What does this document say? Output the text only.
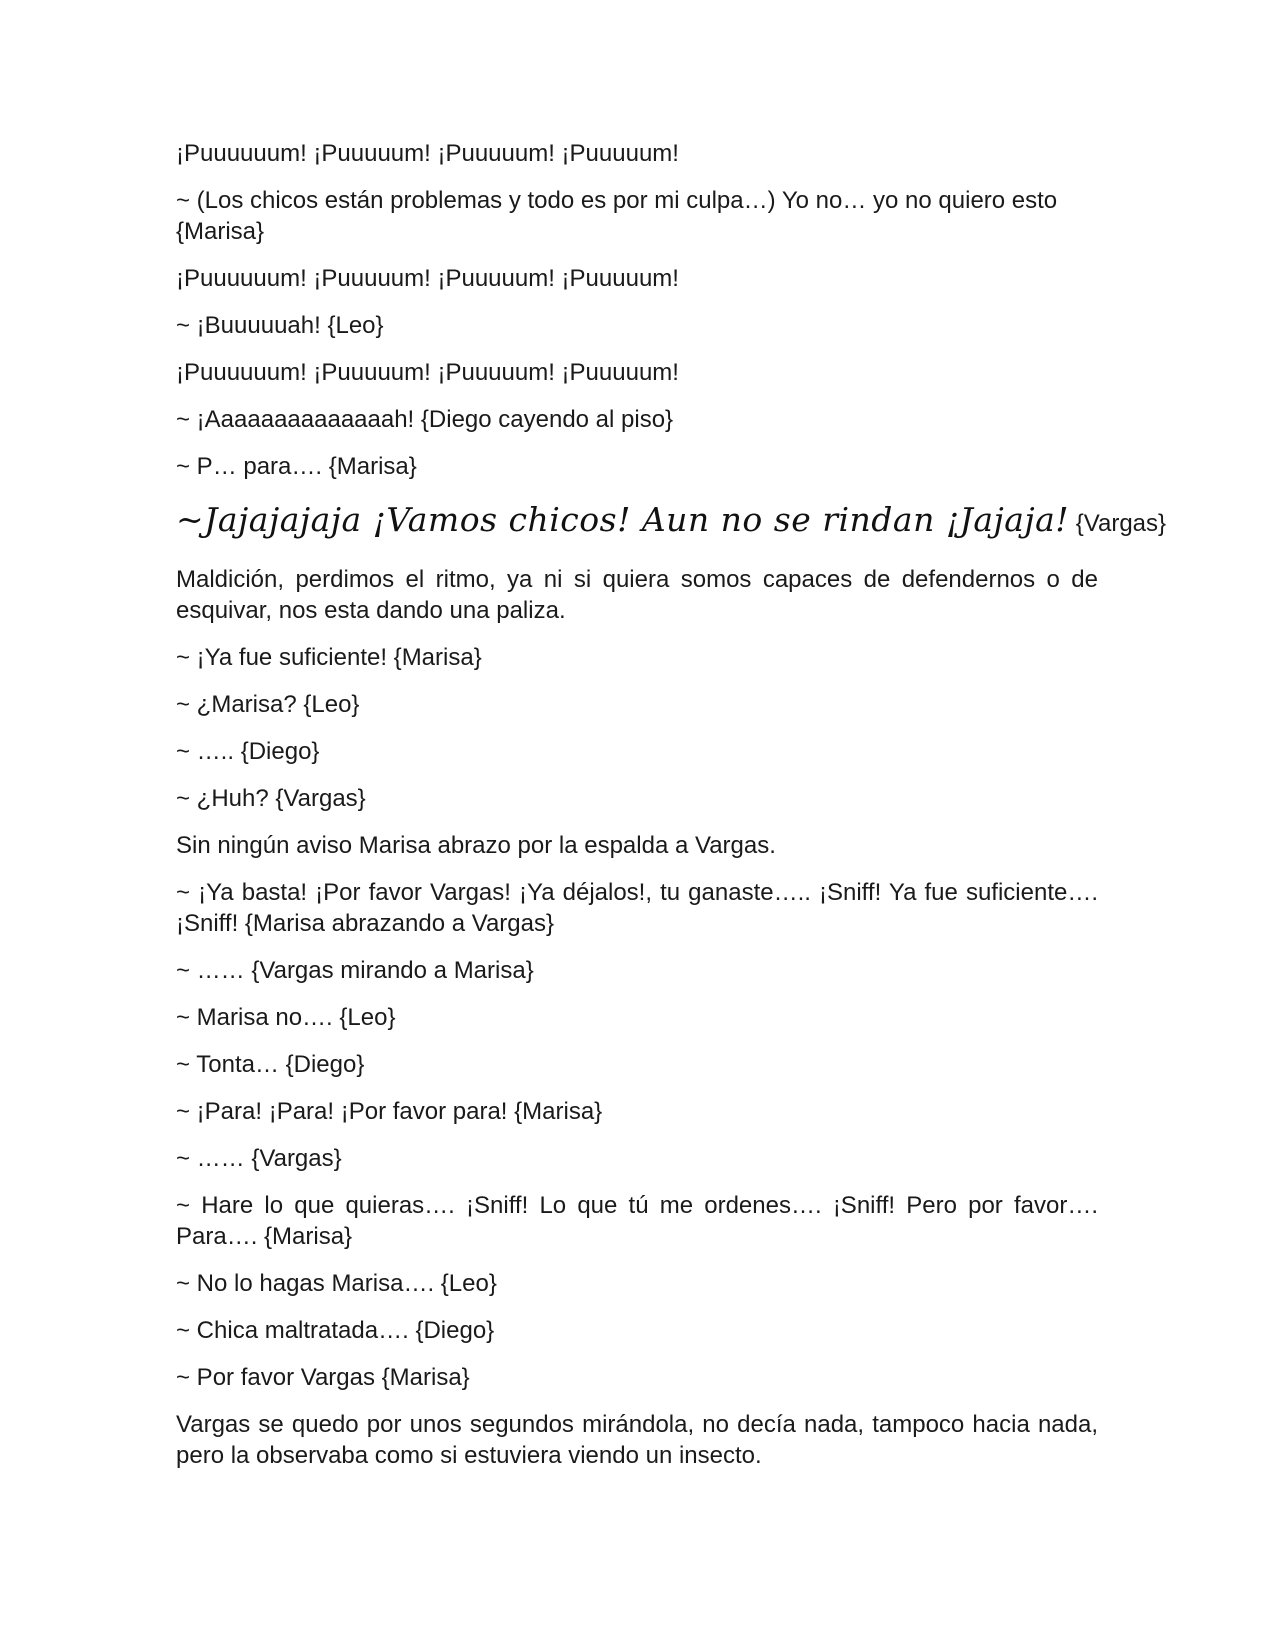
¡Puuuuuum! ¡Puuuuum! ¡Puuuuum! ¡Puuuuum!

~ (Los chicos están problemas y todo es por mi culpa…) Yo no… yo no quiero esto {Marisa}

¡Puuuuuum! ¡Puuuuum! ¡Puuuuum! ¡Puuuuum!

~ ¡Buuuuuah! {Leo}

¡Puuuuuum! ¡Puuuuum! ¡Puuuuum! ¡Puuuuum!

~ ¡Aaaaaaaaaaaaaah! {Diego cayendo al piso}

~ P… para…. {Marisa}

~Jajajajaja ¡Vamos chicos! Aun no se rindan ¡Jajaja! {Vargas}

Maldición, perdimos el ritmo, ya ni si quiera somos capaces de defendernos o de esquivar, nos esta dando una paliza.

~ ¡Ya fue suficiente! {Marisa}

~ ¿Marisa? {Leo}

~ ….. {Diego}

~ ¿Huh? {Vargas}

Sin ningún aviso Marisa abrazo por la espalda a Vargas.

~ ¡Ya basta! ¡Por favor Vargas! ¡Ya déjalos!, tu ganaste….. ¡Sniff! Ya fue suficiente…. ¡Sniff! {Marisa abrazando a Vargas}

~ …… {Vargas mirando a Marisa}

~ Marisa no…. {Leo}

~ Tonta… {Diego}

~ ¡Para! ¡Para! ¡Por favor para! {Marisa}

~ …… {Vargas}

~ Hare lo que quieras…. ¡Sniff! Lo que tú me ordenes…. ¡Sniff! Pero por favor…. Para…. {Marisa}

~ No lo hagas Marisa…. {Leo}

~ Chica maltratada…. {Diego}

~ Por favor Vargas {Marisa}

Vargas se quedo por unos segundos mirándola, no decía nada, tampoco hacia nada, pero la observaba como si estuviera viendo un insecto.
